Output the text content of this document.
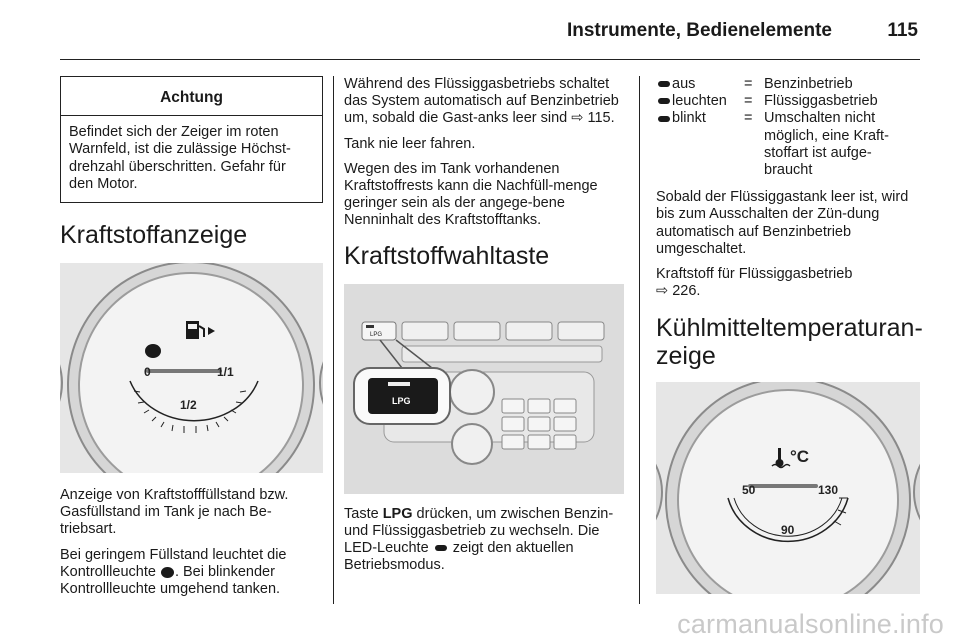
Instrumente, Bedienelemente	115
Achtung
Befindet sich der Zeiger im roten Warnfeld, ist die zulässige Höchst-drehzahl überschritten. Gefahr für den Motor.
Kraftstoffanzeige
0	1/1
1/2

Anzeige von Kraftstofffüllstand bzw. Gasfüllstand im Tank je nach Be-triebsart.

Bei geringem Füllstand leuchtet die Kontrollleuchte . Bei blinkender Kontrollleuchte umgehend tanken.

Während des Flüssiggasbetriebs schaltet das System automatisch auf Benzinbetrieb um, sobald die Gast-anks leer sind ⇨ 115.

Tank nie leer fahren.

Wegen des im Tank vorhandenen Kraftstoffrests kann die Nachfüll-menge geringer sein als der angege-bene Nenninhalt des Kraftstofftanks.

Kraftstoffwahltaste
LPG
LPG

Taste LPG drücken, um zwischen Benzin- und Flüssiggasbetrieb zu wechseln. Die LED-Leuchte zeigt den aktuellen Betriebsmodus.

	aus	=	Benzinbetrieb
	leuchten	=	Flüssiggasbetrieb
	blinkt	=	Umschalten nicht möglich, eine Kraft-stoffart ist aufge-braucht

Sobald der Flüssiggastank leer ist, wird bis zum Ausschalten der Zün-dung automatisch auf Benzinbetrieb umgeschaltet.

Kraftstoff für Flüssiggasbetrieb
⇨ 226.

Kühlmitteltemperaturan-zeige
°C
50	130
90
carmanualsonline.info
